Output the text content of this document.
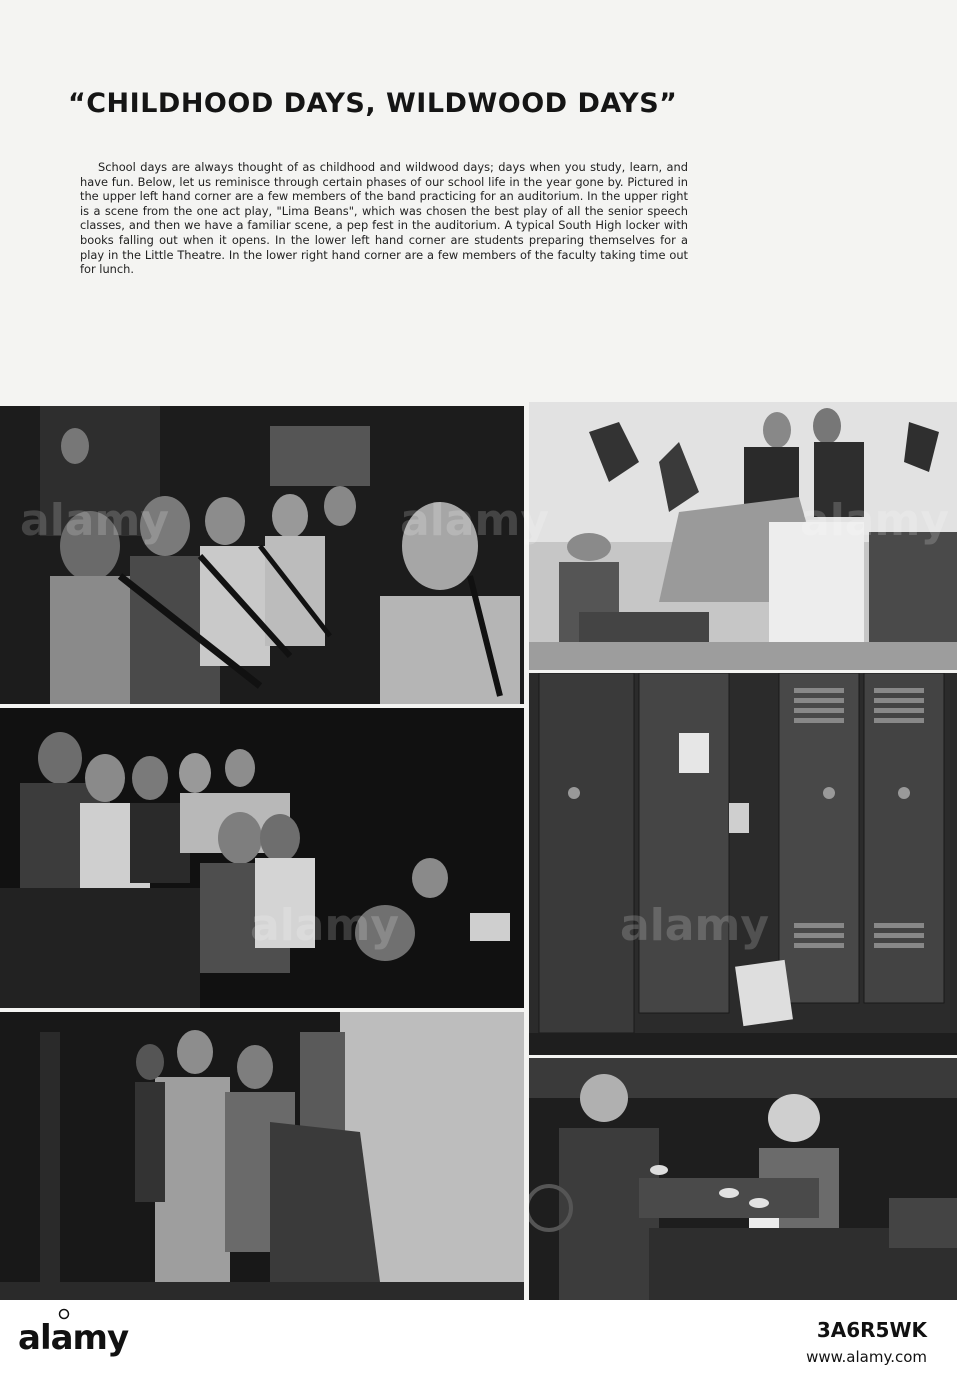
“CHILDHOOD DAYS, WILDWOOD DAYS”

School days are always thought of as childhood and wildwood days; days when you study, learn, and have fun. Below, let us reminisce through certain phases of our school life in the year gone by. Pictured in the upper left hand corner are a few members of the band practicing for an auditorium. In the upper right is a scene from the one act play, "Lima Beans", which was chosen the best play of all the senior speech classes, and then we have a familiar scene, a pep fest in the auditorium. A typical South High locker with books falling out when it opens. In the lower left hand corner are students preparing themselves for a play in the Little Theatre. In the lower right hand corner are a few members of the faculty taking time out for lunch.

alamy	3A6R5WK
www.alamy.com
